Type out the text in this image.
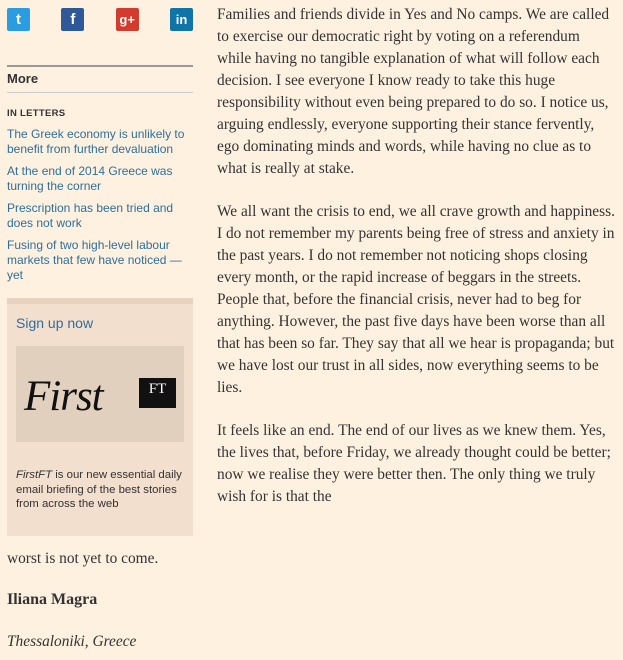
t	f	g+	in
More
IN LETTERS
The Greek economy is unlikely to benefit from further devaluation
At the end of 2014 Greece was turning the corner
Prescription has been tried and does not work
Fusing of two high-level labour markets that few have noticed — yet
Sign up now
First	FT
FirstFT is our new essential daily email briefing of the best stories from across the web

Families and friends divide in Yes and No camps. We are called to exercise our democratic right by voting on a referendum while having no tangible explanation of what will follow each decision. I see everyone I know ready to take this huge responsibility without even being prepared to do so. I notice us, arguing endlessly, everyone supporting their stance fervently, ego dominating minds and words, while having no clue as to what is really at stake.

We all want the crisis to end, we all crave growth and happiness. I do not remember my parents being free of stress and anxiety in the past years. I do not remember not noticing shops closing every month, or the rapid increase of beggars in the streets. People that, before the financial crisis, never had to beg for anything. However, the past five days have been worse than all that has been so far. They say that all we hear is propaganda; but we have lost our trust in all sides, now everything seems to be lies.

It feels like an end. The end of our lives as we knew them. Yes, the lives that, before Friday, we already thought could be better; now we realise they were better then. The only thing we truly wish for is that the

worst is not yet to come.
Iliana Magra
Thessaloniki, Greece
